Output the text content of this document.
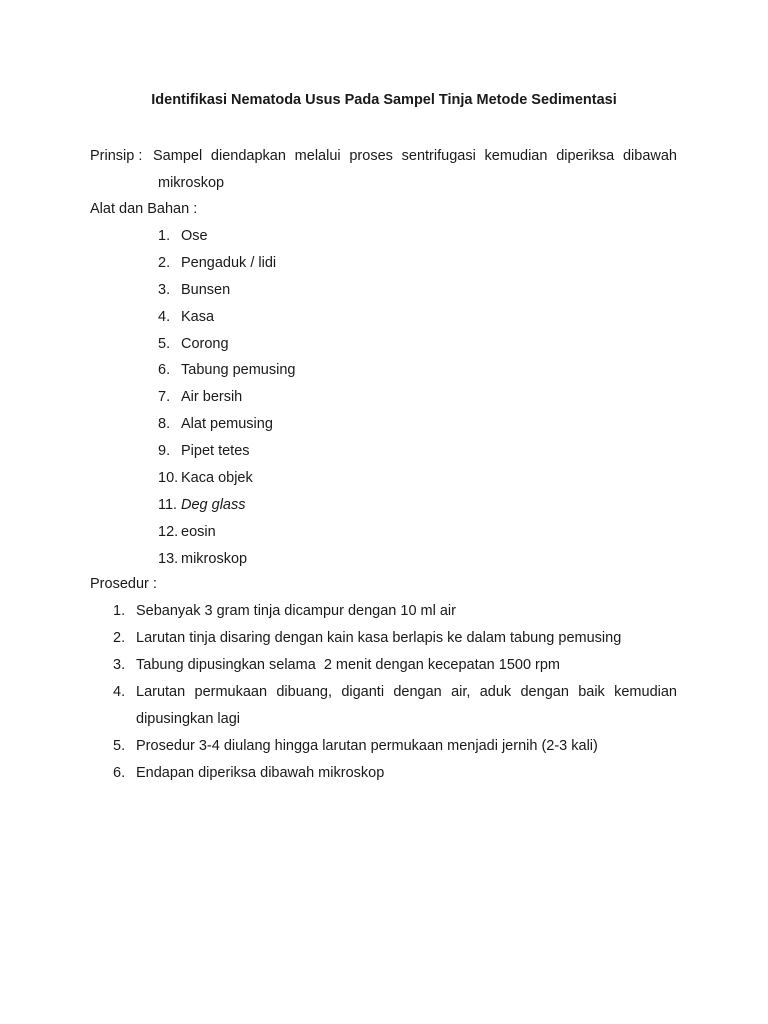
Identifikasi Nematoda Usus Pada Sampel Tinja Metode Sedimentasi
Prinsip : Sampel diendapkan melalui proses sentrifugasi kemudian diperiksa dibawah
mikroskop
Alat dan Bahan :
1. Ose
2. Pengaduk / lidi
3. Bunsen
4. Kasa
5. Corong
6. Tabung pemusing
7. Air bersih
8. Alat pemusing
9. Pipet tetes
10. Kaca objek
11. Deg glass
12. eosin
13. mikroskop
Prosedur :
1. Sebanyak 3 gram tinja dicampur dengan 10 ml air
2. Larutan tinja disaring dengan kain kasa berlapis ke dalam tabung pemusing
3. Tabung dipusingkan selama  2 menit dengan kecepatan 1500 rpm
4. Larutan permukaan dibuang, diganti dengan air, aduk dengan baik kemudian
dipusingkan lagi
5. Prosedur 3-4 diulang hingga larutan permukaan menjadi jernih (2-3 kali)
6. Endapan diperiksa dibawah mikroskop
